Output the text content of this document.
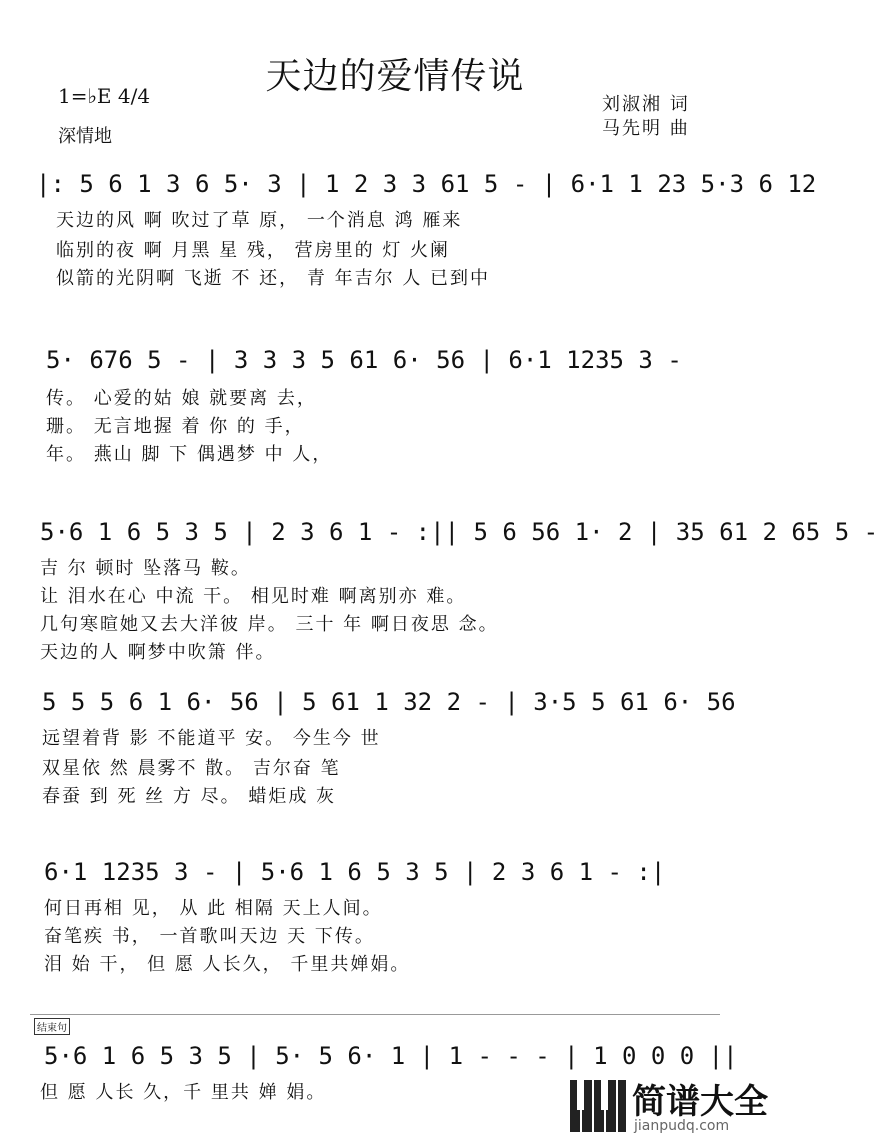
天边的爱情传说
1=♭E 4/4
深情地
刘淑湘 词
马先明 曲
|: 5 6 1 3 6 5· 3 | 1 2 3 3 61 5 - | 6·1 1 23 5·3 6 12
天边的风 啊 吹过了草 原， 一个消息 鸿 雁来
临别的夜 啊 月黑 星 残， 营房里的 灯 火阑
似箭的光阴啊 飞逝 不 还， 青 年吉尔 人 已到中
5· 676 5 - | 3 3 3 5 61 6· 56 | 6·1 1235 3 -
传。 心爱的姑 娘 就要离 去，
珊。 无言地握 着 你 的 手，
年。 燕山 脚 下 偶遇梦 中 人，
5·6 1 6 5 3 5 | 2 3 6 1 - :|| 5 6 56 1· 2 | 35 61 2 65 5 -
吉 尔 顿时 坠落马 鞍。
让 泪水在心 中流 干。 相见时难 啊离别亦 难。
几句寒暄她又去大洋彼 岸。 三十 年 啊日夜思 念。
天边的人 啊梦中吹箫 伴。
5 5 5 6 1 6· 56 | 5 61 1 32 2 - | 3·5 5 61 6· 56
远望着背 影 不能道平 安。 今生今 世
双星依 然 晨雾不 散。 吉尔奋 笔
春蚕 到 死 丝 方 尽。 蜡炬成 灰
6·1 1235 3 - | 5·6 1 6 5 3 5 | 2 3 6 1 - :|
何日再相 见， 从 此 相隔 天上人间。
奋笔疾 书， 一首歌叫天边 天 下传。
泪 始 干， 但 愿 人长久， 千里共婵娟。
结束句
5·6 1 6 5 3 5 | 5· 5 6· 1 | 1 - - - | 1 0 0 0 ||
但 愿 人长 久，千 里共 婵 娟。	简谱大全
jianpudq.com
